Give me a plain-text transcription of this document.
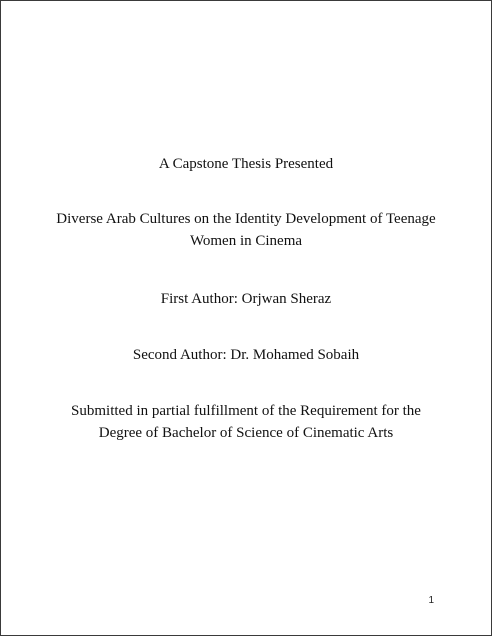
A Capstone Thesis Presented
Diverse Arab Cultures on the Identity Development of Teenage
Women in Cinema
First Author: Orjwan Sheraz
Second Author: Dr. Mohamed Sobaih
Submitted in partial fulfillment of the Requirement for the
Degree of Bachelor of Science of Cinematic Arts
1
